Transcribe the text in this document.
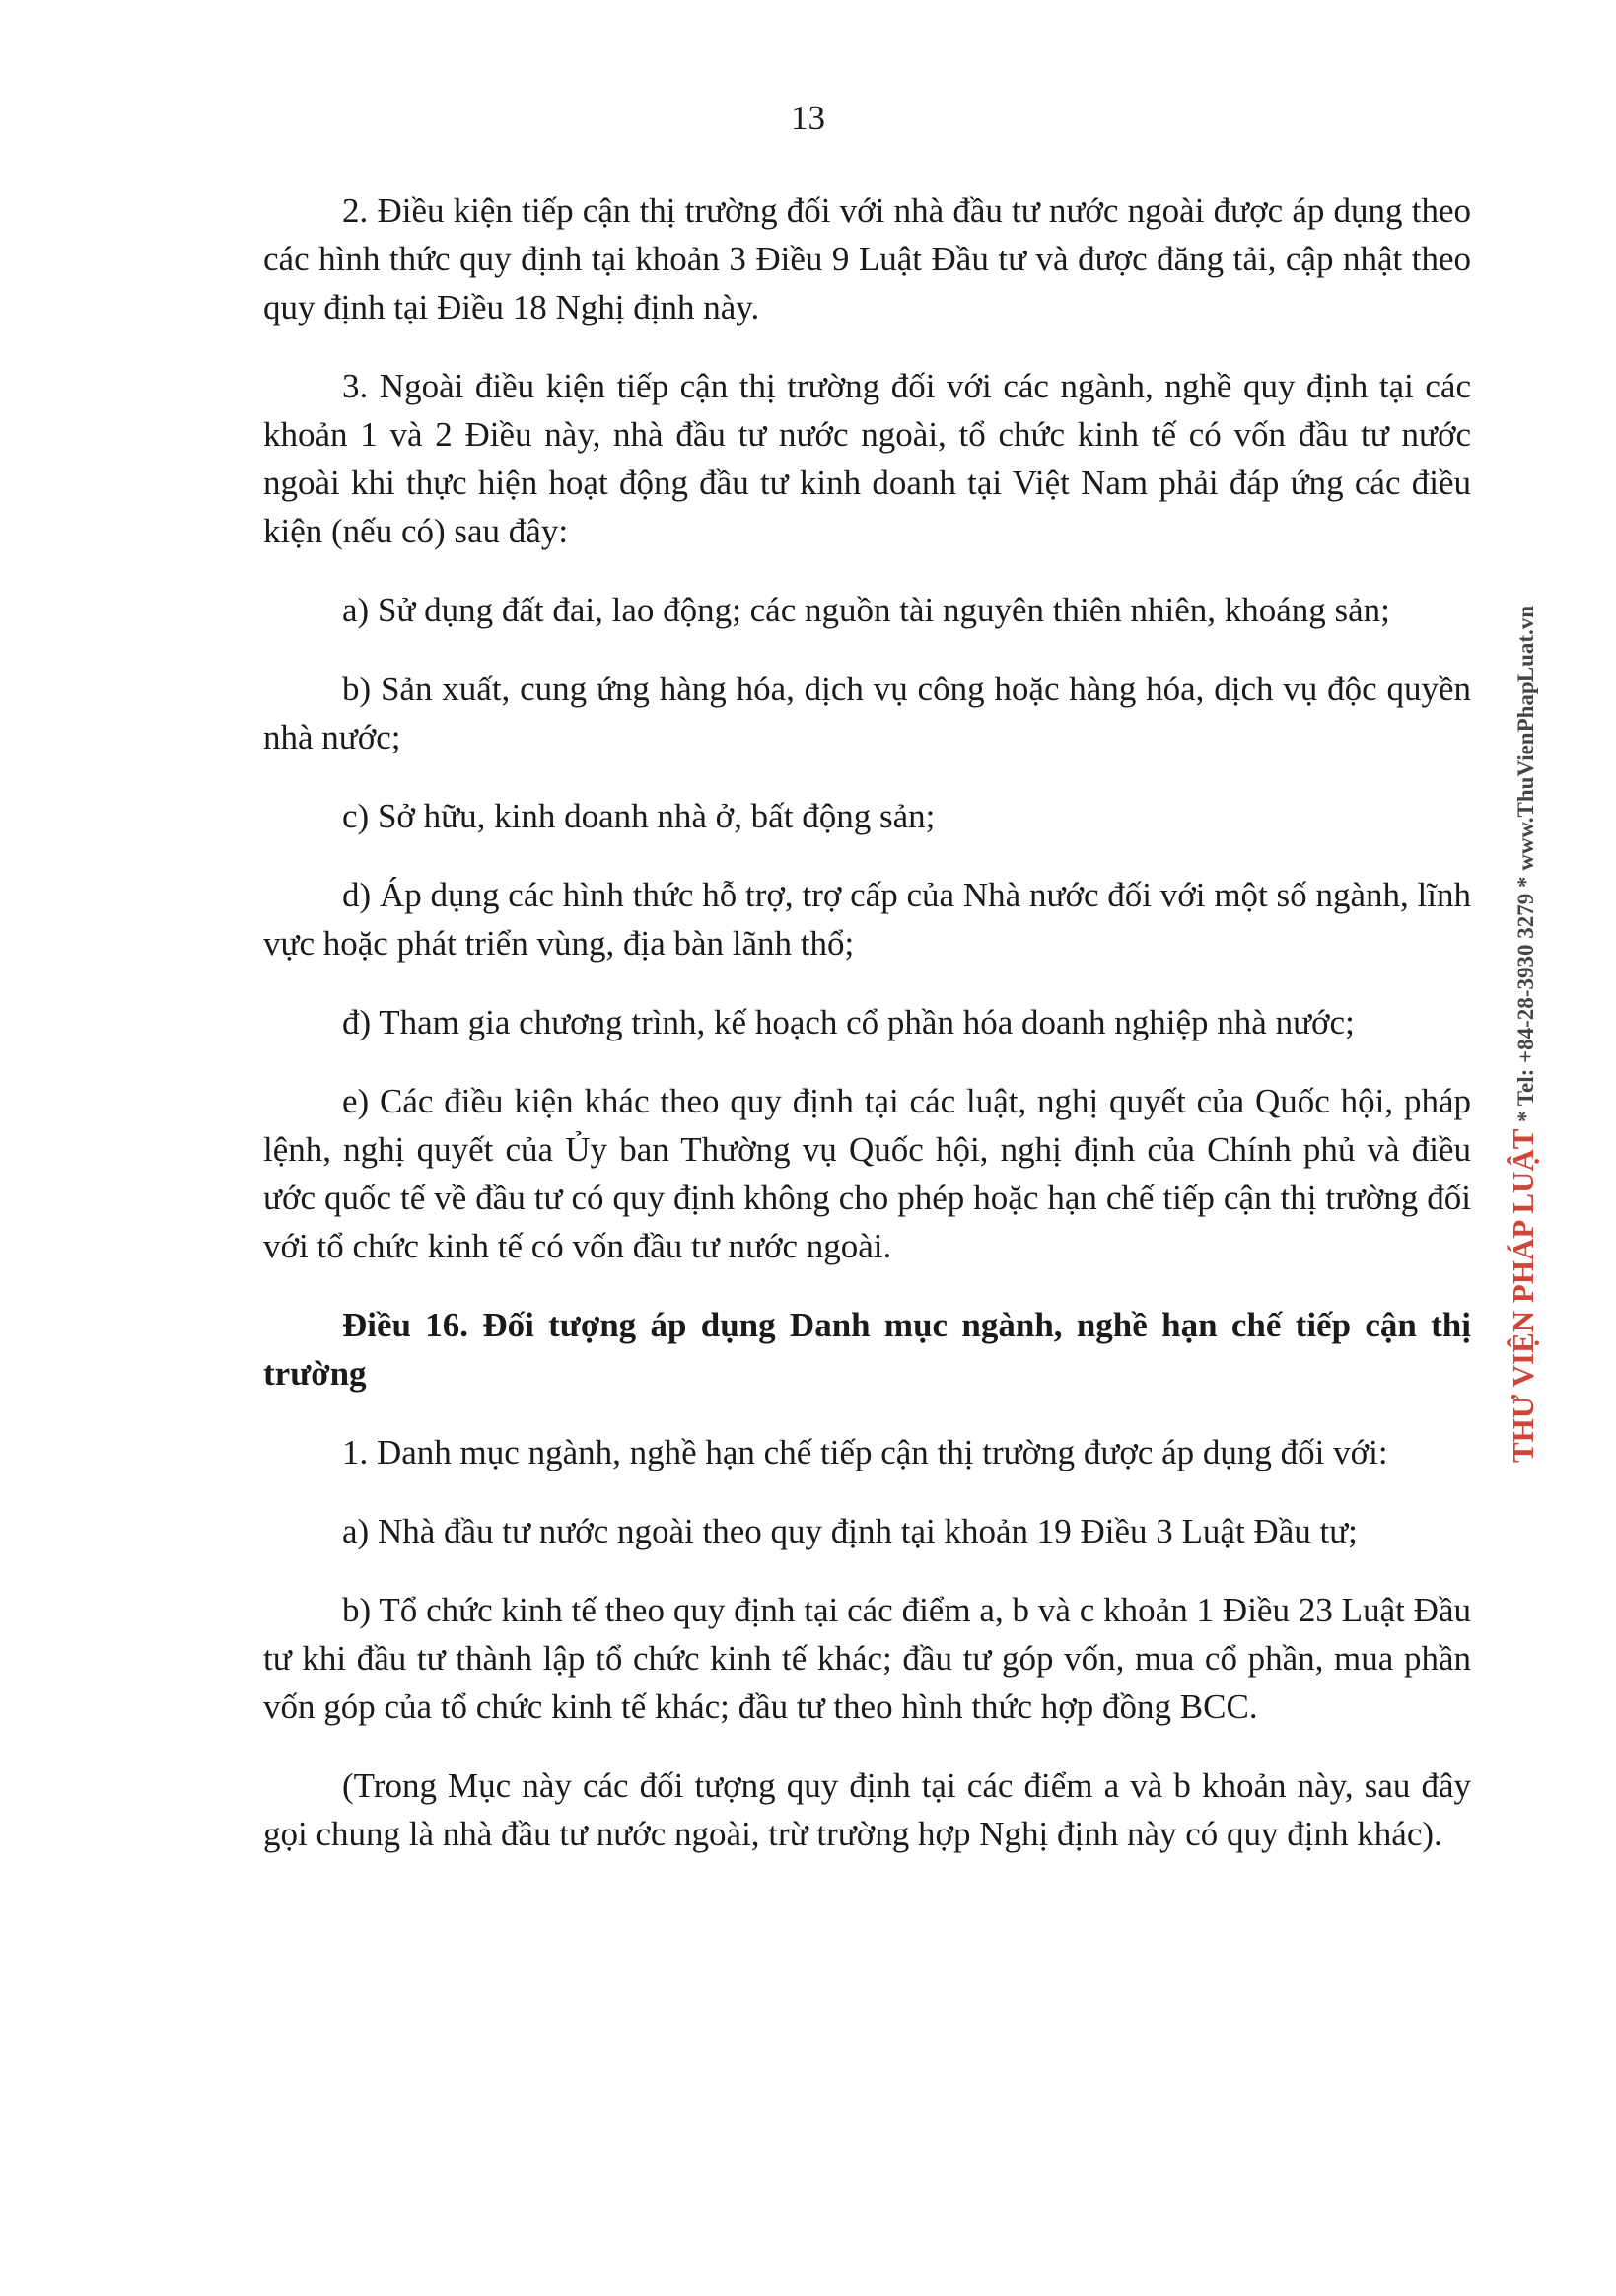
13

2. Điều kiện tiếp cận thị trường đối với nhà đầu tư nước ngoài được áp dụng theo các hình thức quy định tại khoản 3 Điều 9 Luật Đầu tư và được đăng tải, cập nhật theo quy định tại Điều 18 Nghị định này.

3. Ngoài điều kiện tiếp cận thị trường đối với các ngành, nghề quy định tại các khoản 1 và 2 Điều này, nhà đầu tư nước ngoài, tổ chức kinh tế có vốn đầu tư nước ngoài khi thực hiện hoạt động đầu tư kinh doanh tại Việt Nam phải đáp ứng các điều kiện (nếu có) sau đây:

a) Sử dụng đất đai, lao động; các nguồn tài nguyên thiên nhiên, khoáng sản;

b) Sản xuất, cung ứng hàng hóa, dịch vụ công hoặc hàng hóa, dịch vụ độc quyền nhà nước;

c) Sở hữu, kinh doanh nhà ở, bất động sản;

d) Áp dụng các hình thức hỗ trợ, trợ cấp của Nhà nước đối với một số ngành, lĩnh vực hoặc phát triển vùng, địa bàn lãnh thổ;

đ) Tham gia chương trình, kế hoạch cổ phần hóa doanh nghiệp nhà nước;

e) Các điều kiện khác theo quy định tại các luật, nghị quyết của Quốc hội, pháp lệnh, nghị quyết của Ủy ban Thường vụ Quốc hội, nghị định của Chính phủ và điều ước quốc tế về đầu tư có quy định không cho phép hoặc hạn chế tiếp cận thị trường đối với tổ chức kinh tế có vốn đầu tư nước ngoài.

Điều 16. Đối tượng áp dụng Danh mục ngành, nghề hạn chế tiếp cận thị trường

1. Danh mục ngành, nghề hạn chế tiếp cận thị trường được áp dụng đối với:

a) Nhà đầu tư nước ngoài theo quy định tại khoản 19 Điều 3 Luật Đầu tư;

b) Tổ chức kinh tế theo quy định tại các điểm a, b và c khoản 1 Điều 23 Luật Đầu tư khi đầu tư thành lập tổ chức kinh tế khác; đầu tư góp vốn, mua cổ phần, mua phần vốn góp của tổ chức kinh tế khác; đầu tư theo hình thức hợp đồng BCC.

(Trong Mục này các đối tượng quy định tại các điểm a và b khoản này, sau đây gọi chung là nhà đầu tư nước ngoài, trừ trường hợp Nghị định này có quy định khác).

THƯ VIỆN PHÁP LUẬT * Tel: +84-28-3930 3279 * www.ThuVienPhapLuat.vn
